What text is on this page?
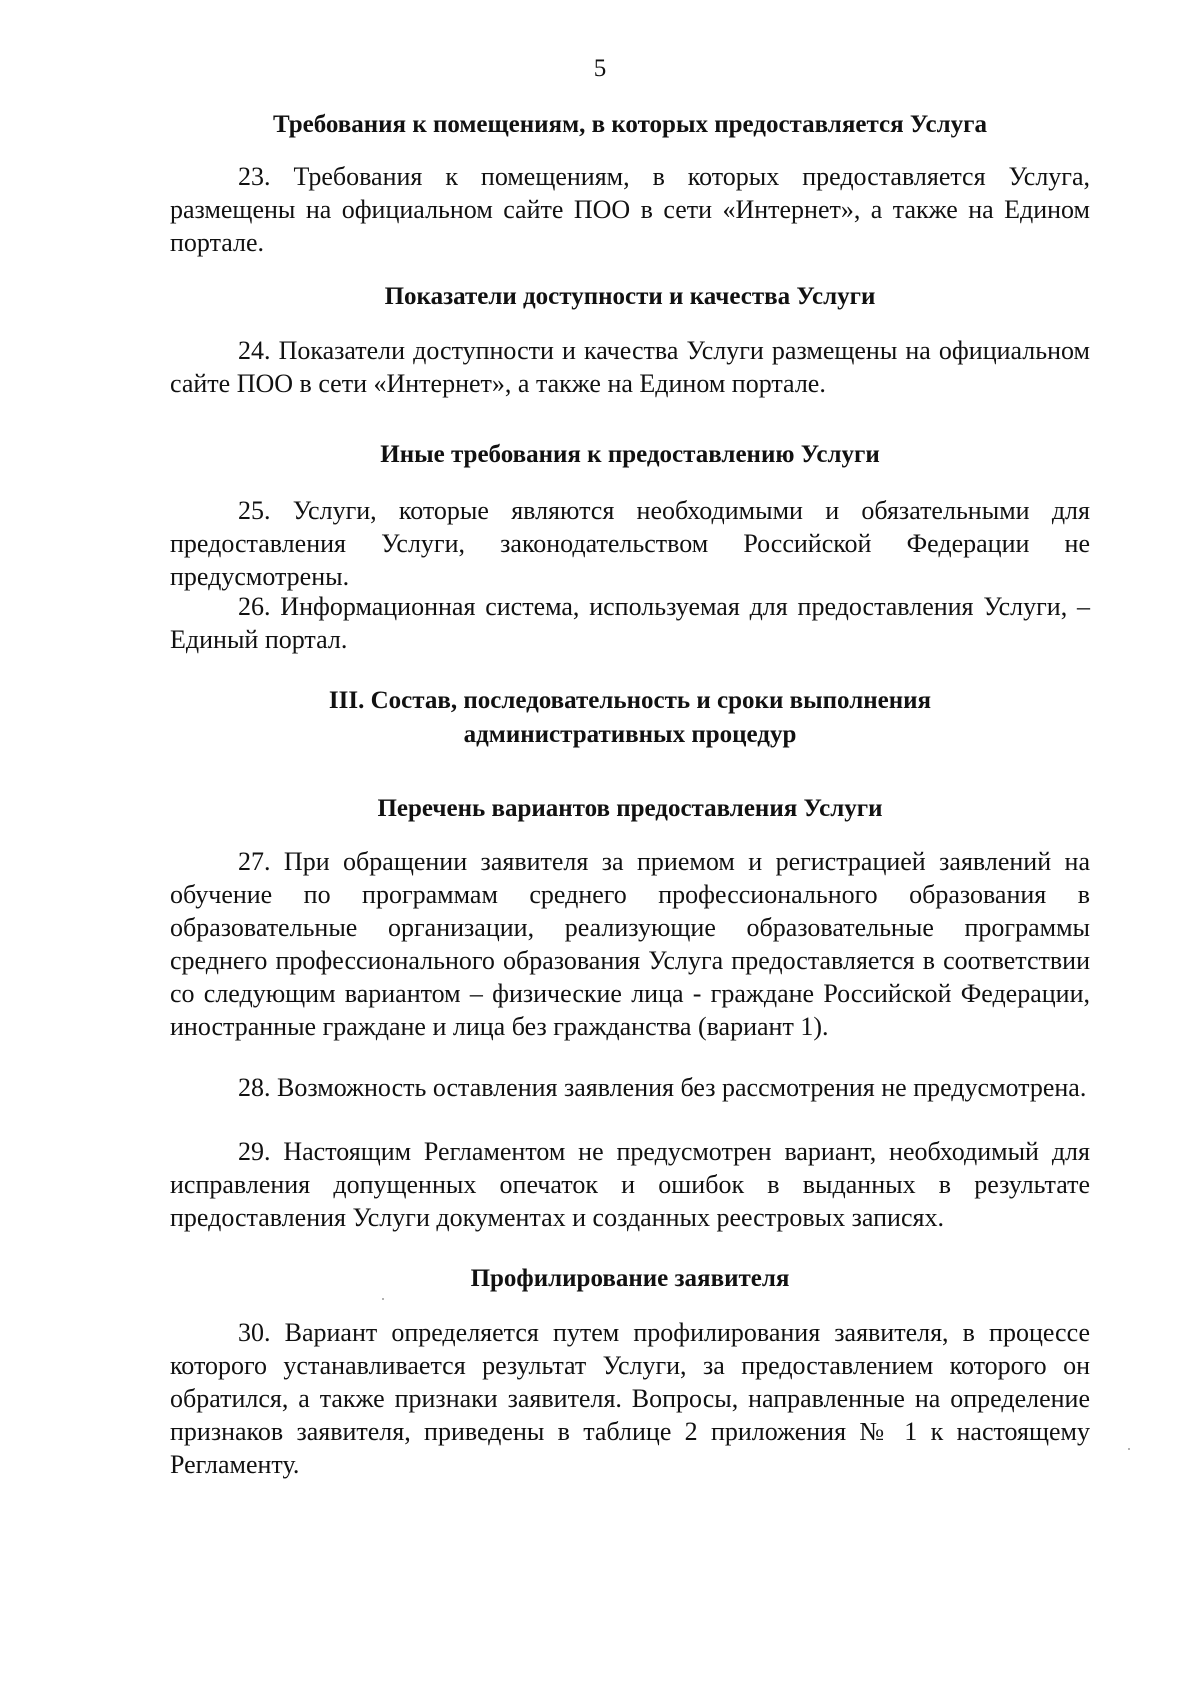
5
Требования к помещениям, в которых предоставляется Услуга
23. Требования к помещениям, в которых предоставляется Услуга, размещены на официальном сайте ПОО в сети «Интернет», а также на Едином портале.
Показатели доступности и качества Услуги
24. Показатели доступности и качества Услуги размещены на официальном сайте ПОО в сети «Интернет», а также на Едином портале.
Иные требования к предоставлению Услуги
25. Услуги, которые являются необходимыми и обязательными для предоставления Услуги, законодательством Российской Федерации не предусмотрены.
26. Информационная система, используемая для предоставления Услуги, – Единый портал.
III. Состав, последовательность и сроки выполнения
административных процедур
Перечень вариантов предоставления Услуги
27. При обращении заявителя за приемом и регистрацией заявлений на обучение по программам среднего профессионального образования в образовательные организации, реализующие образовательные программы среднего профессионального образования Услуга предоставляется в соответствии со следующим вариантом – физические лица - граждане Российской Федерации, иностранные граждане и лица без гражданства (вариант 1).
28. Возможность оставления заявления без рассмотрения не предусмотрена.
29. Настоящим Регламентом не предусмотрен вариант, необходимый для исправления допущенных опечаток и ошибок в выданных в результате предоставления Услуги документах и созданных реестровых записях.
Профилирование заявителя
30. Вариант определяется путем профилирования заявителя, в процессе которого устанавливается результат Услуги, за предоставлением которого он обратился, а также признаки заявителя. Вопросы, направленные на определение признаков заявителя, приведены в таблице 2 приложения № 1 к настоящему Регламенту.
